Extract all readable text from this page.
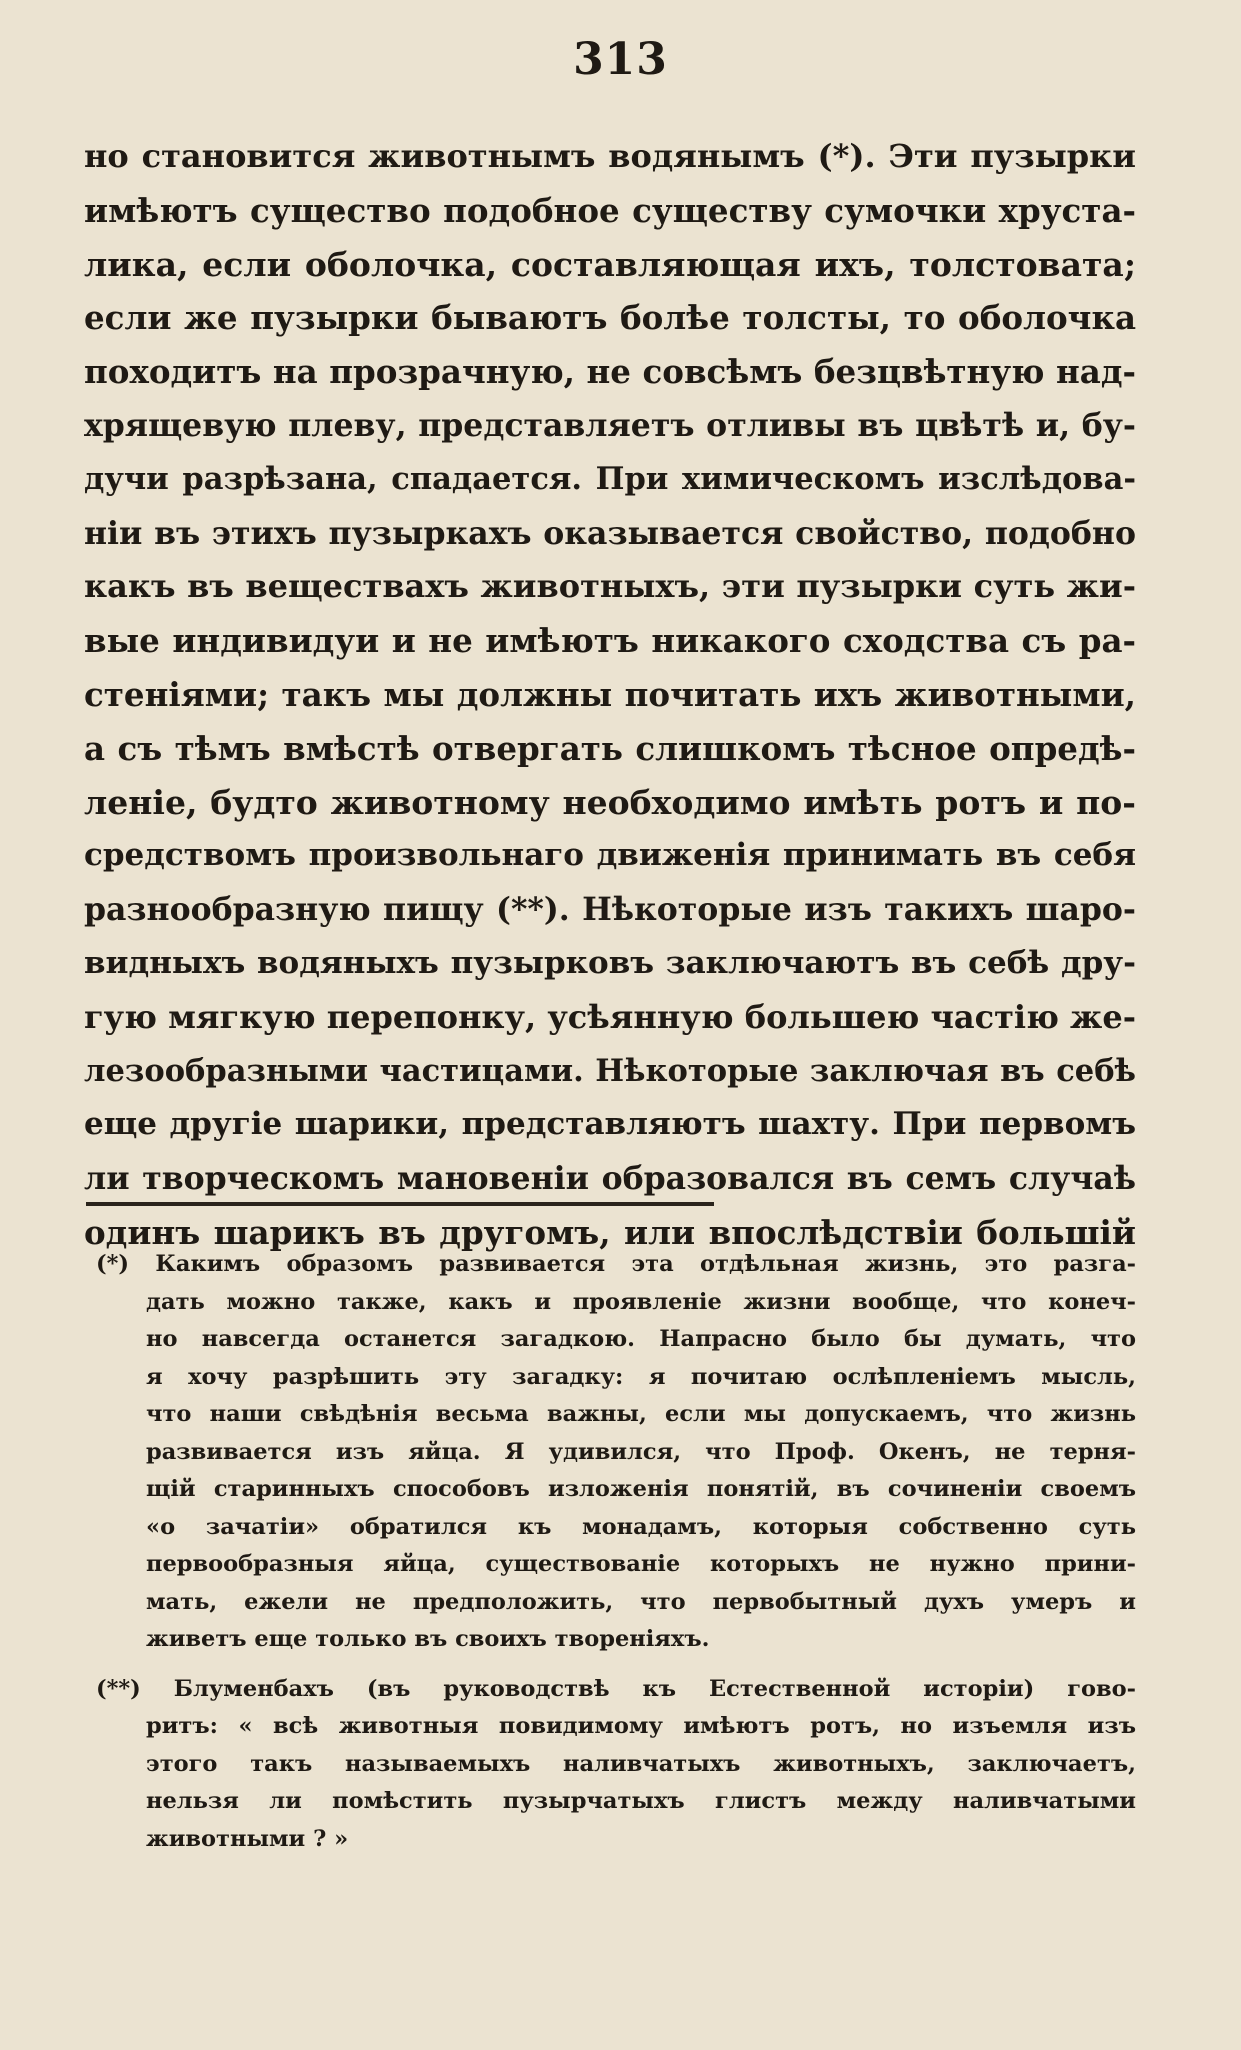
313
но становится животнымъ водянымъ (*). Эти пузырки
имѣютъ существо подобное существу сумочки хруста-
лика, если оболочка, составляющая ихъ, толстовата;
если же пузырки бываютъ болѣе толсты, то оболочка
походитъ на прозрачную, не совсѣмъ безцвѣтную над-
хрящевую плеву, представляетъ отливы въ цвѣтѣ и, бу-
дучи разрѣзана, спадается. При химическомъ изслѣдова-
ніи въ этихъ пузыркахъ оказывается свойство, подобно
какъ въ веществахъ животныхъ, эти пузырки суть жи-
вые индивидуи и не имѣютъ никакого сходства съ ра-
стеніями; такъ мы должны почитать ихъ животными,
а съ тѣмъ вмѣстѣ отвергать слишкомъ тѣсное опредѣ-
леніе, будто животному необходимо имѣть ротъ и по-
средствомъ произвольнаго движенія принимать въ себя
разнообразную пищу (**). Нѣкоторые изъ такихъ шаро-
видныхъ водяныхъ пузырковъ заключаютъ въ себѣ дру-
гую мягкую перепонку, усѣянную большею частію же-
лезообразными частицами. Нѣкоторые заключая въ себѣ
еще другіе шарики, представляютъ шахту. При первомъ
ли творческомъ мановеніи образовался въ семъ случаѣ
одинъ шарикъ въ другомъ, или впослѣдствіи большій
(*) Какимъ образомъ развивается эта отдѣльная жизнь, это разга-
дать можно также, какъ и проявленіе жизни вообще, что конеч-
но навсегда останется загадкою. Напрасно было бы думать, что
я хочу разрѣшить эту загадку: я почитаю ослѣпленіемъ мысль,
что наши свѣдѣнія весьма важны, если мы допускаемъ, что жизнь
развивается изъ яйца. Я удивился, что Проф. Окенъ, не терня-
щій старинныхъ способовъ изложенія понятій, въ сочиненіи своемъ
«о зачатіи» обратился къ монадамъ, которыя собственно суть
первообразныя яйца, существованіе которыхъ не нужно прини-
мать, ежели не предположить, что первобытный духъ умеръ и
живетъ еще только въ своихъ твореніяхъ.
(**) Блуменбахъ (въ руководствѣ къ Естественной исторіи) гово-
ритъ: « всѣ животныя повидимому имѣютъ ротъ, но изъемля изъ
этого такъ называемыхъ наливчатыхъ животныхъ, заключаетъ,
нельзя ли помѣстить пузырчатыхъ глистъ между наливчатыми
животными ? »
